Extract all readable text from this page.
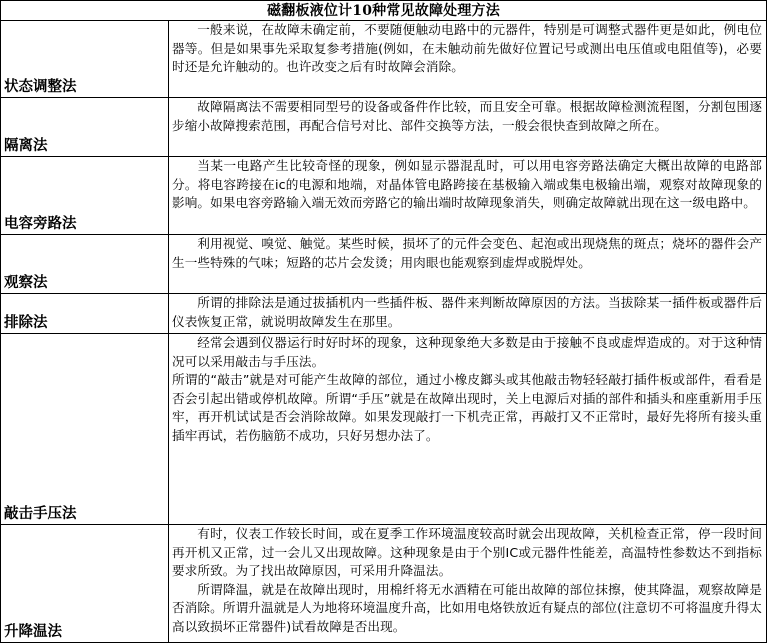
磁翻板液位计10种常见故障处理方法	
状态调整法	一般来说，在故障未确定前，不要随便触动电路中的元器件，特别是可调整式器件更是如此，例电位器等。但是如果事先采取复参考措施(例如，在未触动前先做好位置记号或测出电压值或电阻值等)，必要时还是允许触动的。也许改变之后有时故障会消除。

隔离法	故障隔离法不需要相同型号的设备或备件作比较，而且安全可靠。根据故障检测流程图，分割包围逐步缩小故障搜索范围，再配合信号对比、部件交换等方法，一般会很快查到故障之所在。

电容旁路法	当某一电路产生比较奇怪的现象，例如显示器混乱时，可以用电容旁路法确定大概出故障的电路部分。将电容跨接在ic的电源和地端，对晶体管电路跨接在基极输入端或集电极输出端，观察对故障现象的影响。如果电容旁路输入端无效而旁路它的输出端时故障现象消失，则确定故障就出现在这一级电路中。

观察法	利用视觉、嗅觉、触觉。某些时候，损坏了的元件会变色、起泡或出现烧焦的斑点；烧坏的器件会产生一些特殊的气味；短路的芯片会发烫；用肉眼也能观察到虚焊或脱焊处。

排除法	所谓的排除法是通过拔插机内一些插件板、器件来判断故障原因的方法。当拔除某一插件板或器件后仪表恢复正常，就说明故障发生在那里。

敲击手压法	经常会遇到仪器运行时好时坏的现象，这种现象绝大多数是由于接触不良或虚焊造成的。对于这种情况可以采用敲击与手压法。

所谓的“敲击”就是对可能产生故障的部位，通过小橡皮鎯头或其他敲击物轻轻敲打插件板或部件，看看是否会引起出错或停机故障。所谓“手压”就是在故障出现时，关上电源后对插的部件和插头和座重新用手压牢，再开机试试是否会消除故障。如果发现敲打一下机壳正常，再敲打又不正常时，最好先将所有接头重插牢再试，若伤脑筋不成功，只好另想办法了。

升降温法	有时，仪表工作较长时间，或在夏季工作环境温度较高时就会出现故障，关机检查正常，停一段时间再开机又正常，过一会儿又出现故障。这种现象是由于个别IC或元器件性能差，高温特性参数达不到指标要求所致。为了找出故障原因，可采用升降温法。

所谓降温，就是在故障出现时，用棉纤将无水酒精在可能出故障的部位抹擦，使其降温，观察故障是否消除。所谓升温就是人为地将环境温度升高，比如用电烙铁放近有疑点的部位(注意切不可将温度升得太高以致损坏正常器件)试看故障是否出现。
